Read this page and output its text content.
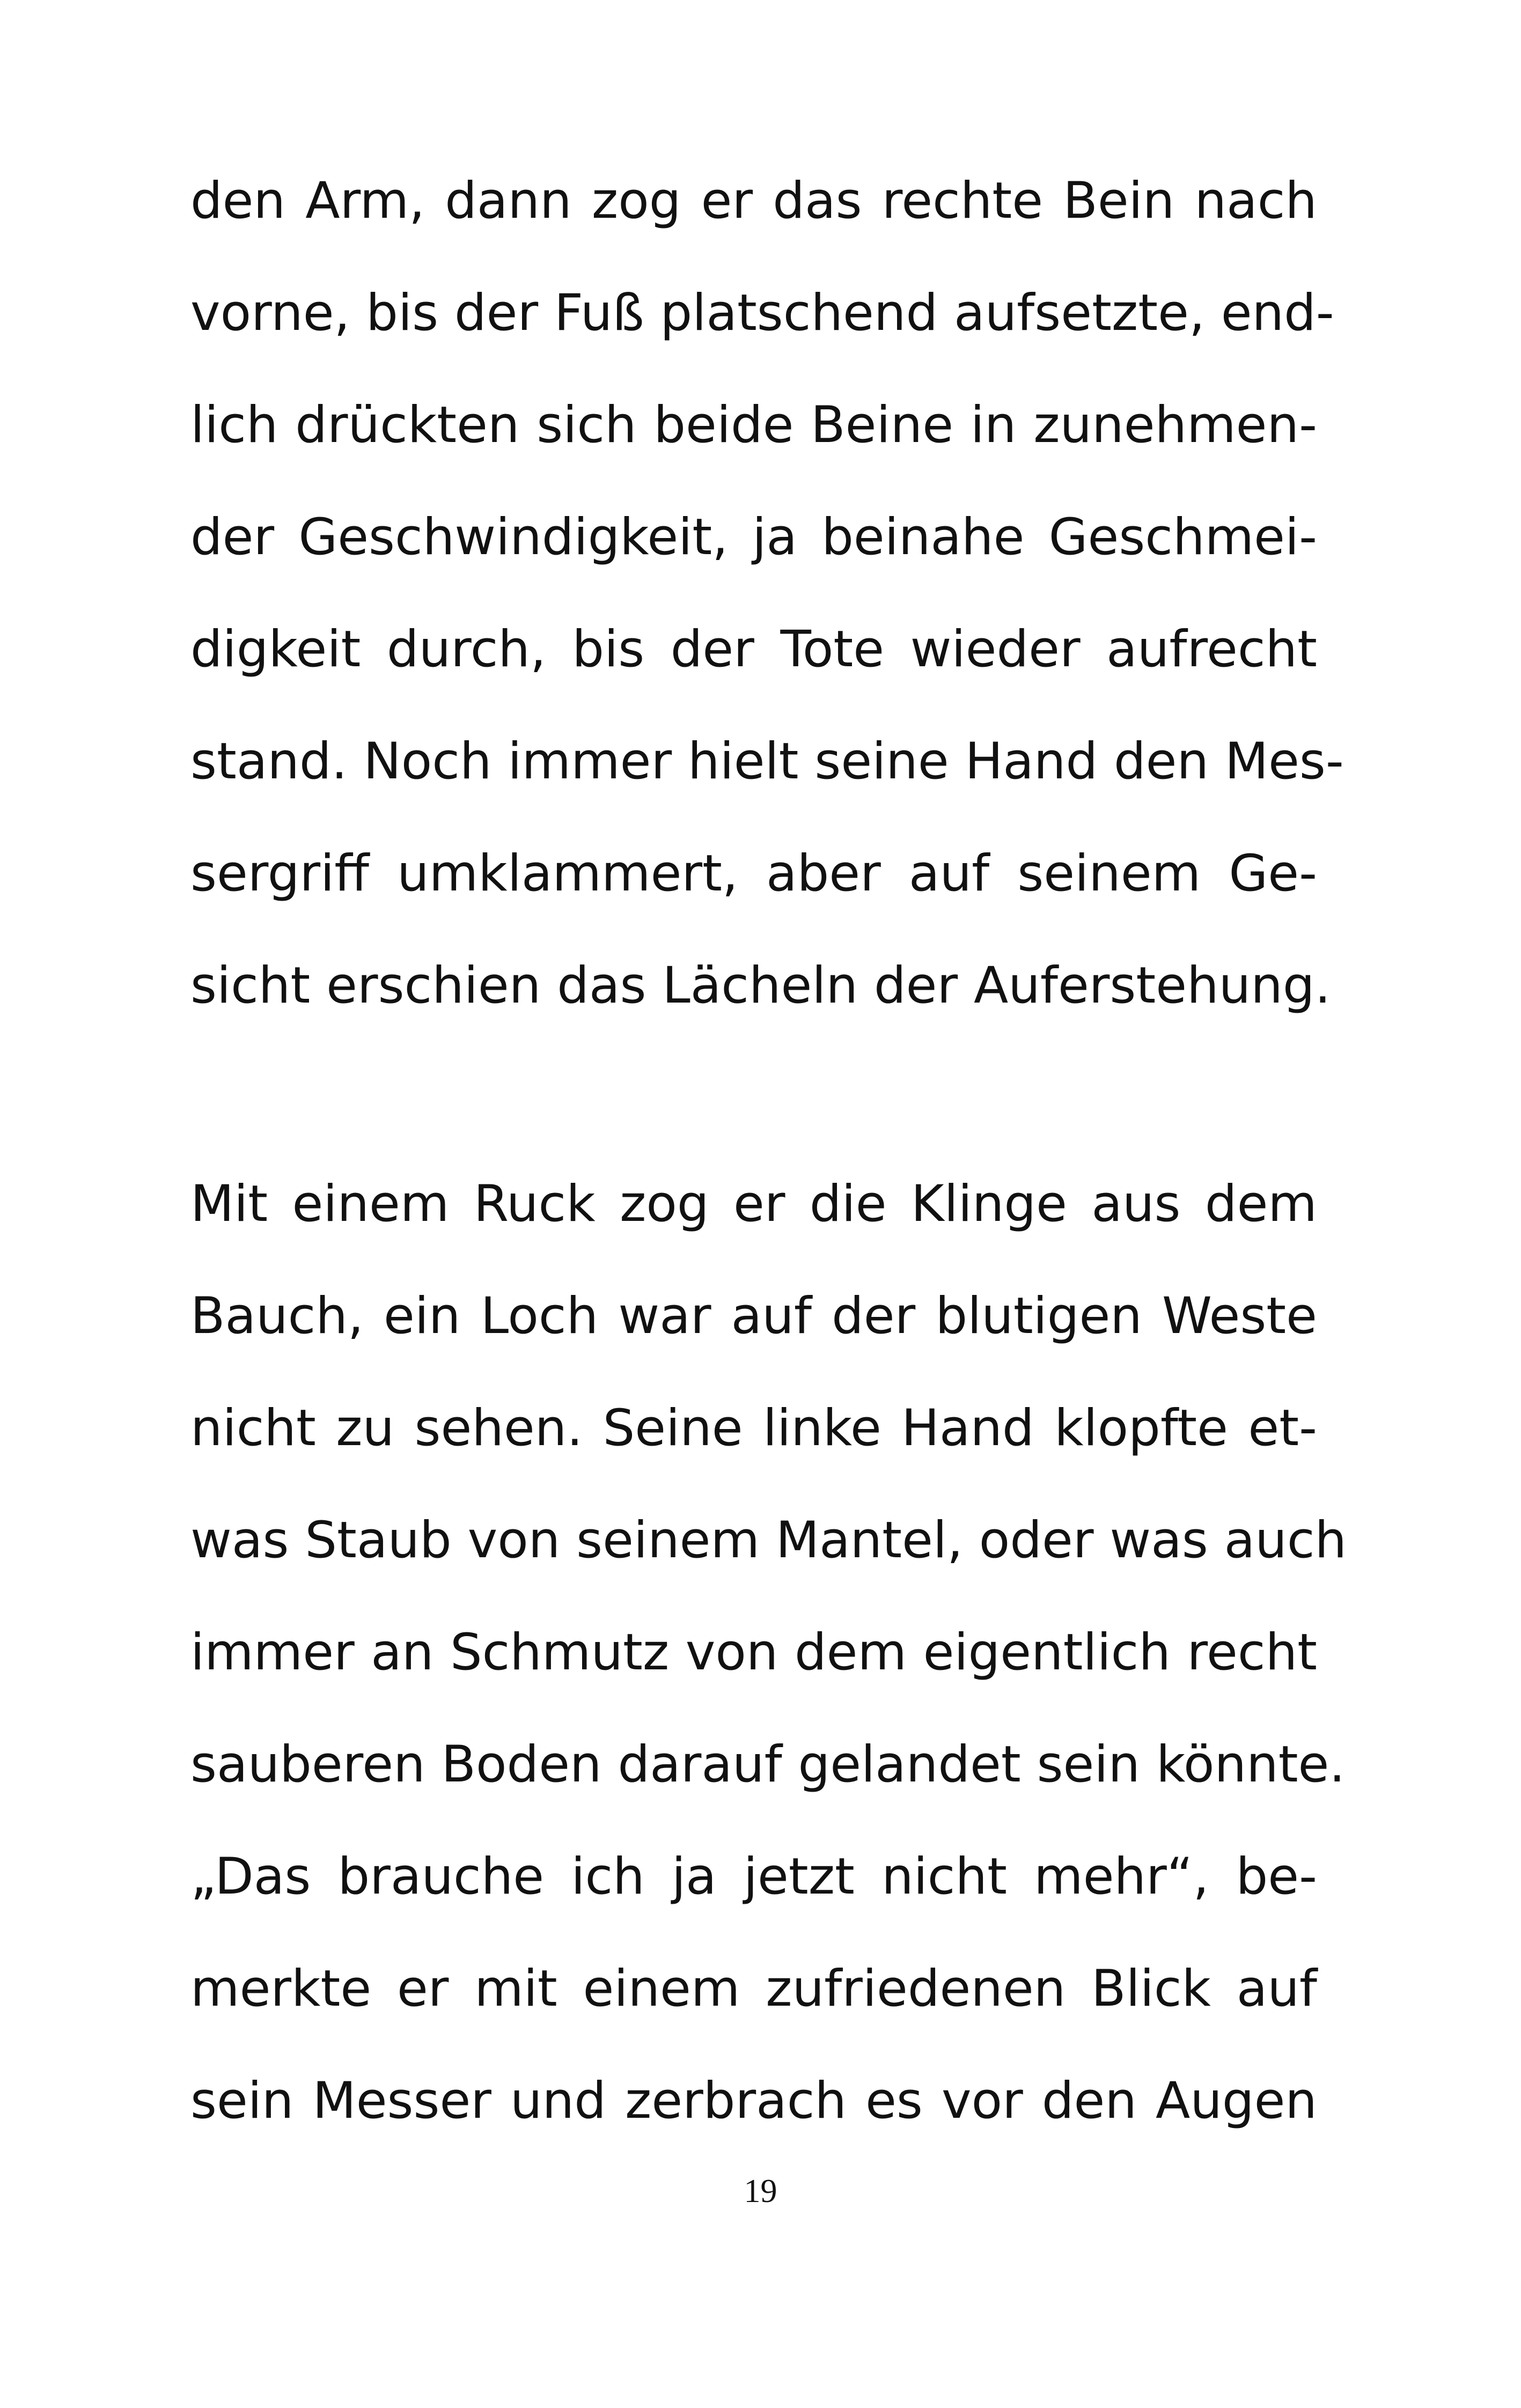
den Arm, dann zog er das rechte Bein nach
vorne, bis der Fuß platschend aufsetzte, end-
lich drückten sich beide Beine in zunehmen-
der Geschwindigkeit, ja beinahe Geschmei-
digkeit durch, bis der Tote wieder aufrecht
stand. Noch immer hielt seine Hand den Mes-
sergriff umklammert, aber auf seinem Ge-
sicht erschien das Lächeln der Auferstehung.
Mit einem Ruck zog er die Klinge aus dem
Bauch, ein Loch war auf der blutigen Weste
nicht zu sehen. Seine linke Hand klopfte et-
was Staub von seinem Mantel, oder was auch
immer an Schmutz von dem eigentlich recht
sauberen Boden darauf gelandet sein könnte.
„Das brauche ich ja jetzt nicht mehr“, be-
merkte er mit einem zufriedenen Blick auf
sein Messer und zerbrach es vor den Augen
19
